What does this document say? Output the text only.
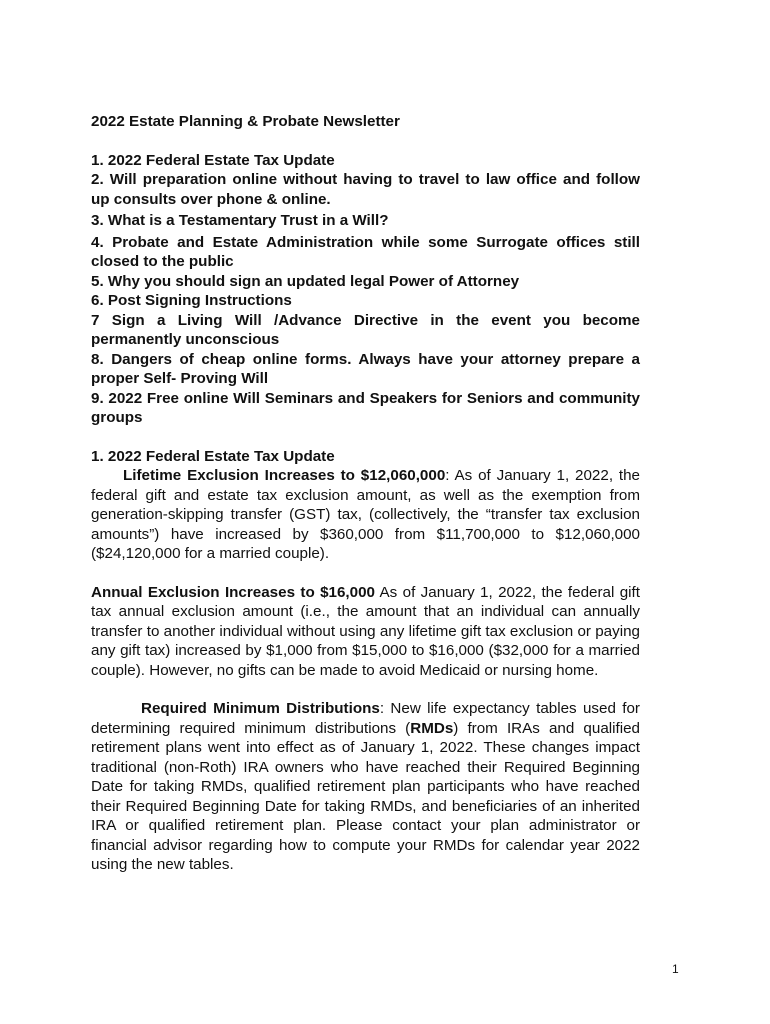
2022 Estate Planning & Probate Newsletter
1. 2022 Federal Estate Tax Update
2. Will preparation online without having to travel to law office and follow up consults over phone & online.
3. What is a Testamentary Trust in a Will?
4. Probate and Estate Administration while some Surrogate offices still closed to the public
5. Why you should sign an updated legal Power of Attorney
6. Post Signing Instructions
7 Sign a Living Will /Advance Directive in the event you become permanently unconscious
8. Dangers of cheap online forms. Always have your attorney prepare a proper Self- Proving Will
9. 2022 Free online Will Seminars and Speakers for Seniors and community groups
1. 2022 Federal Estate Tax Update

Lifetime Exclusion Increases to $12,060,000: As of January 1, 2022, the federal gift and estate tax exclusion amount, as well as the exemption from generation-skipping transfer (GST) tax, (collectively, the “transfer tax exclusion amounts”) have increased by $360,000 from $11,700,000 to $12,060,000 ($24,120,000 for a married couple).

Annual Exclusion Increases to $16,000 As of January 1, 2022, the federal gift tax annual exclusion amount (i.e., the amount that an individual can annually transfer to another individual without using any lifetime gift tax exclusion or paying any gift tax) increased by $1,000 from $15,000 to $16,000 ($32,000 for a married couple). However, no gifts can be made to avoid Medicaid or nursing home.

Required Minimum Distributions: New life expectancy tables used for determining required minimum distributions (RMDs) from IRAs and qualified retirement plans went into effect as of January 1, 2022. These changes impact traditional (non-Roth) IRA owners who have reached their Required Beginning Date for taking RMDs, qualified retirement plan participants who have reached their Required Beginning Date for taking RMDs, and beneficiaries of an inherited IRA or qualified retirement plan. Please contact your plan administrator or financial advisor regarding how to compute your RMDs for calendar year 2022 using the new tables.

1
